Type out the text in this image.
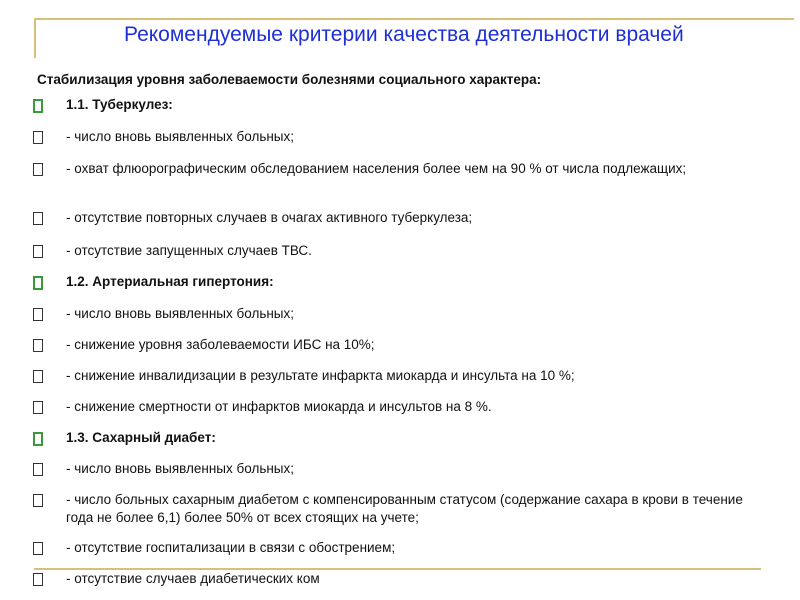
Рекомендуемые критерии качества деятельности врачей
Стабилизация уровня заболеваемости болезнями социального характера:
1.1. Туберкулез:
- число вновь выявленных больных;
- охват флюорографическим обследованием населения более чем на 90 % от числа подлежащих;
- отсутствие повторных случаев в очагах активного туберкулеза;
- отсутствие запущенных случаев ТВС.
1.2. Артериальная гипертония:
- число вновь выявленных больных;
- снижение уровня заболеваемости ИБС на 10%;
- снижение инвалидизации в результате инфаркта миокарда и инсульта на 10 %;
- снижение смертности от инфарктов миокарда и инсультов на 8 %.
1.3. Сахарный диабет:
- число вновь выявленных больных;
- число больных сахарным диабетом с компенсированным статусом (содержание сахара в крови в течение года не более 6,1) более 50% от всех стоящих на учете;
- отсутствие госпитализации в связи с обострением;
- отсутствие случаев диабетических ком
